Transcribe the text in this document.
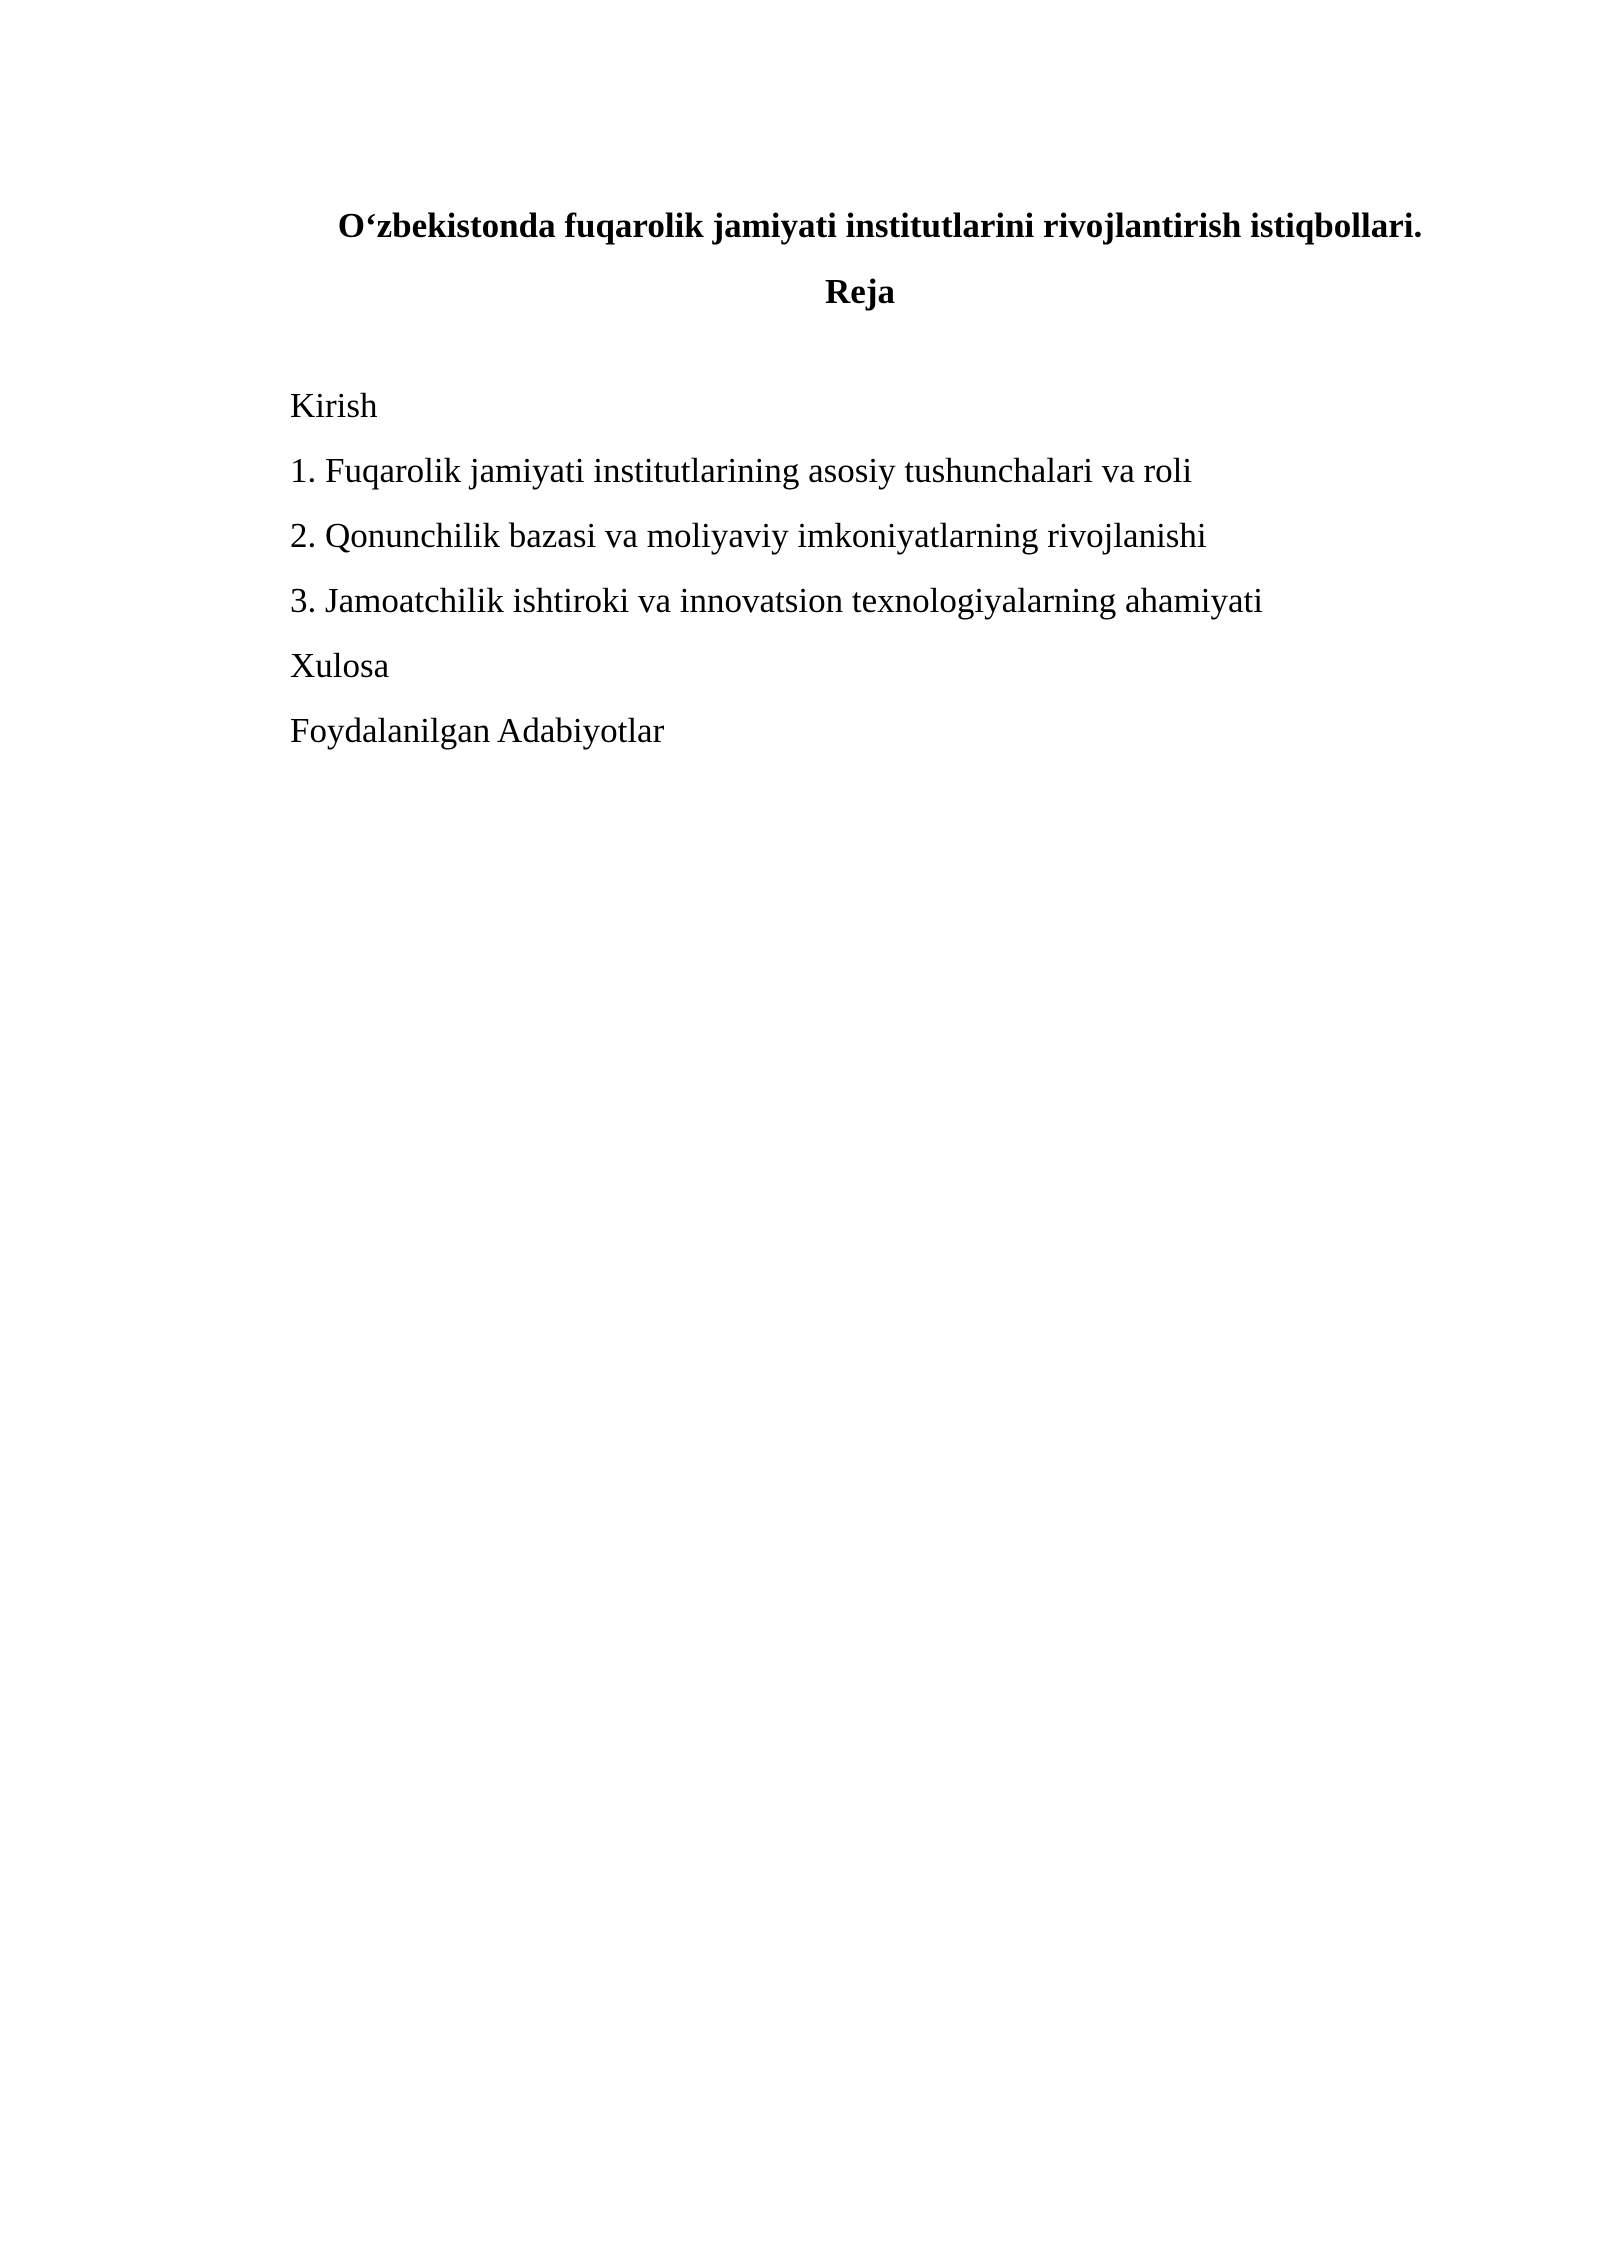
O‘zbekistonda fuqarolik jamiyati institutlarini rivojlantirish istiqbollari.
Reja
Kirish
1. Fuqarolik jamiyati institutlarining asosiy tushunchalari va roli
2. Qonunchilik bazasi va moliyaviy imkoniyatlarning rivojlanishi
3. Jamoatchilik ishtiroki va innovatsion texnologiyalarning ahamiyati
Xulosa
Foydalanilgan Adabiyotlar
